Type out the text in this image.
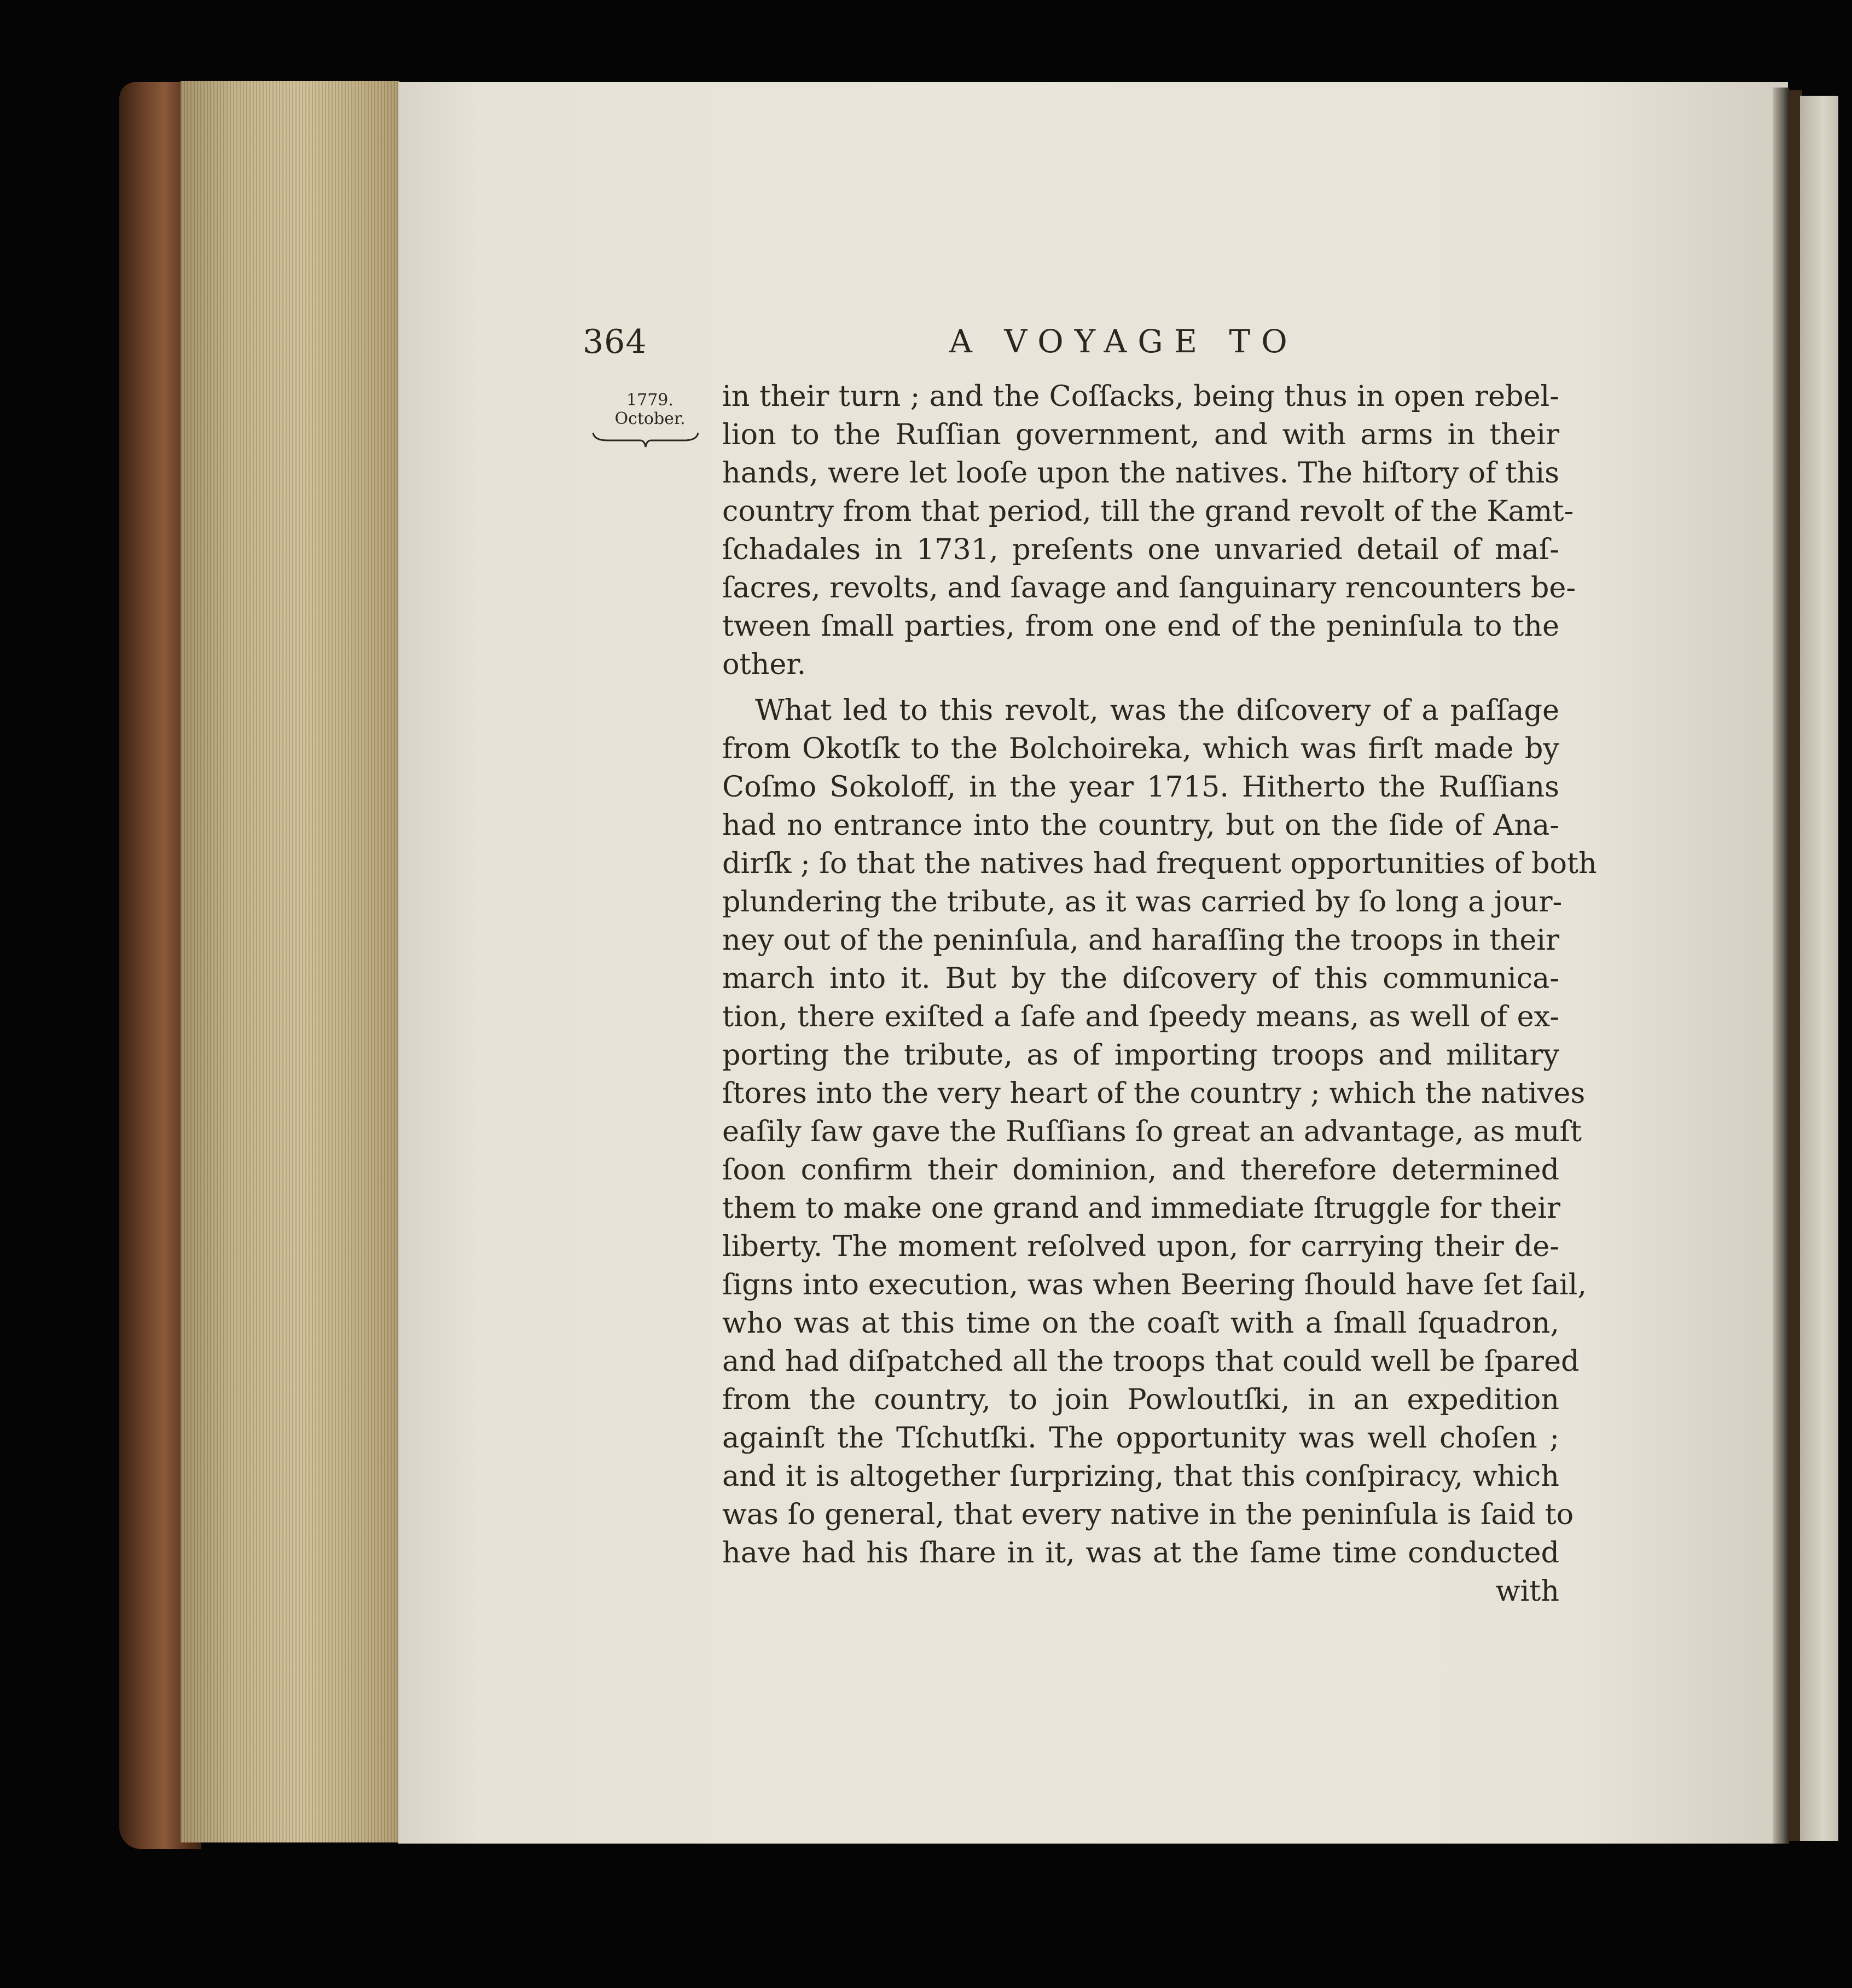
364	A VOYAGE TO
1779.
October.
in their turn ; and the Coſſacks, being thus in open rebel-
lion to the Ruſſian government, and with arms in their
hands, were let looſe upon the natives. The hiſtory of this
country from that period, till the grand revolt of the Kamt-
ſchadales in 1731, preſents one unvaried detail of maſ-
ſacres, revolts, and ſavage and ſanguinary rencounters be-
tween ſmall parties, from one end of the peninſula to the
other.
What led to this revolt, was the diſcovery of a paſſage
from Okotſk to the Bolchoireka, which was firſt made by
Coſmo Sokoloff, in the year 1715. Hitherto the Ruſſians
had no entrance into the country, but on the ſide of Ana-
dirſk ; ſo that the natives had frequent opportunities of both
plundering the tribute, as it was carried by ſo long a jour-
ney out of the peninſula, and haraſſing the troops in their
march into it. But by the diſcovery of this communica-
tion, there exiſted a ſafe and ſpeedy means, as well of ex-
porting the tribute, as of importing troops and military
ſtores into the very heart of the country ; which the natives
eaſily ſaw gave the Ruſſians ſo great an advantage, as muſt
ſoon confirm their dominion, and therefore determined
them to make one grand and immediate ſtruggle for their
liberty. The moment reſolved upon, for carrying their de-
ſigns into execution, was when Beering ſhould have ſet ſail,
who was at this time on the coaſt with a ſmall ſquadron,
and had diſpatched all the troops that could well be ſpared
from the country, to join Powloutſki, in an expedition
againſt the Tſchutſki. The opportunity was well choſen ;
and it is altogether ſurprizing, that this conſpiracy, which
was ſo general, that every native in the peninſula is ſaid to
have had his ſhare in it, was at the ſame time conducted
with
